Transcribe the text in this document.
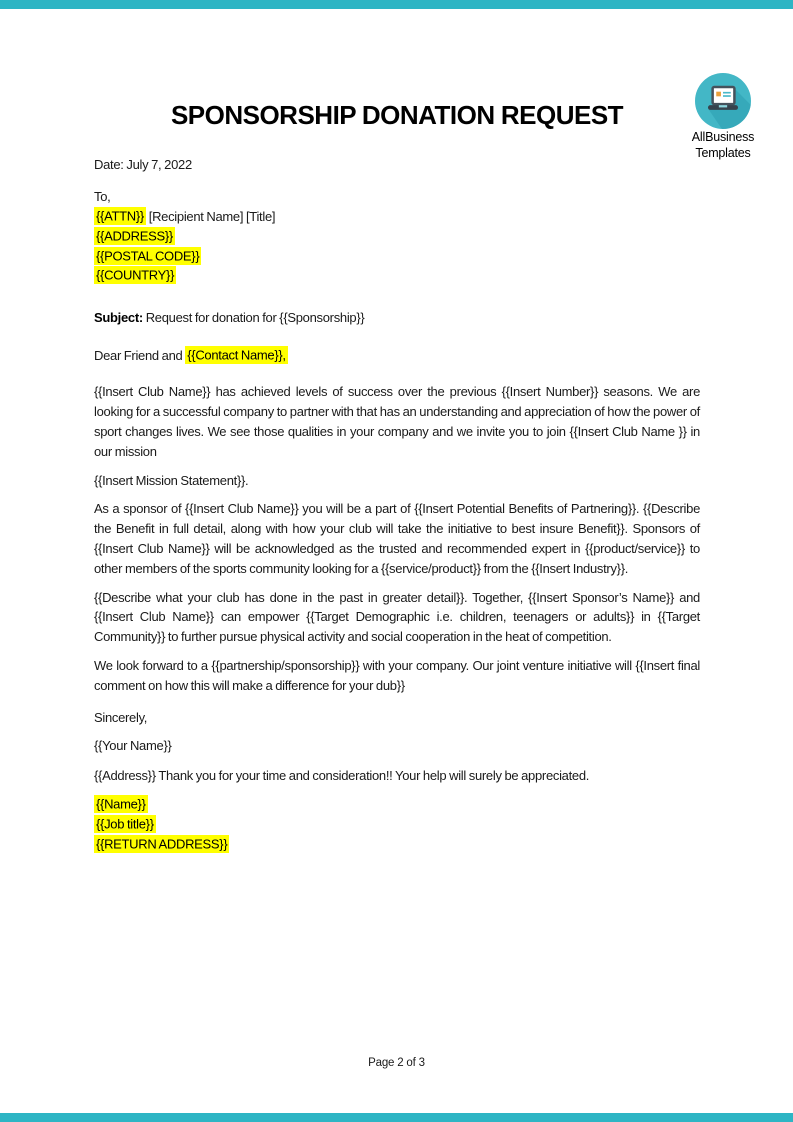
AllBusiness
Templates
SPONSORSHIP DONATION REQUEST
Date: July 7, 2022
To,
{{ATTN}} [Recipient Name] [Title]
{{ADDRESS}}
{{POSTAL CODE}}
{{COUNTRY}}
Subject: Request for donation for {{Sponsorship}}
Dear Friend and {{Contact Name}},

{{Insert Club Name}} has achieved levels of success over the previous {{Insert Number}} seasons. We are looking for a successful company to partner with that has an understanding and appreciation of how the power of sport changes lives. We see those qualities in your company and we invite you to join {{Insert Club Name }} in our mission

{{Insert Mission Statement}}.

As a sponsor of {{Insert Club Name}} you will be a part of {{Insert Potential Benefits of Partnering}}. {{Describe the Benefit in full detail, along with how your club will take the initiative to best insure Benefit}}. Sponsors of {{Insert Club Name}} will be acknowledged as the trusted and recommended expert in {{product/service}} to other members of the sports community looking for a {{service/product}} from the {{Insert Industry}}.

{{Describe what your club has done in the past in greater detail}}. Together, {{Insert Sponsor’s Name}} and {{Insert Club Name}} can empower {{Target Demographic i.e. children, teenagers or adults}} in {{Target Community}} to further pursue physical activity and social cooperation in the heat of competition.

We look forward to a {{partnership/sponsorship}} with your company. Our joint venture initiative will {{Insert final comment on how this will make a difference for your dub}}

Sincerely,
{{Your Name}}
{{Address}} Thank you for your time and consideration!! Your help will surely be appreciated.
{{Name}}
{{Job title}}
{{RETURN ADDRESS}}
Page 2 of 3
